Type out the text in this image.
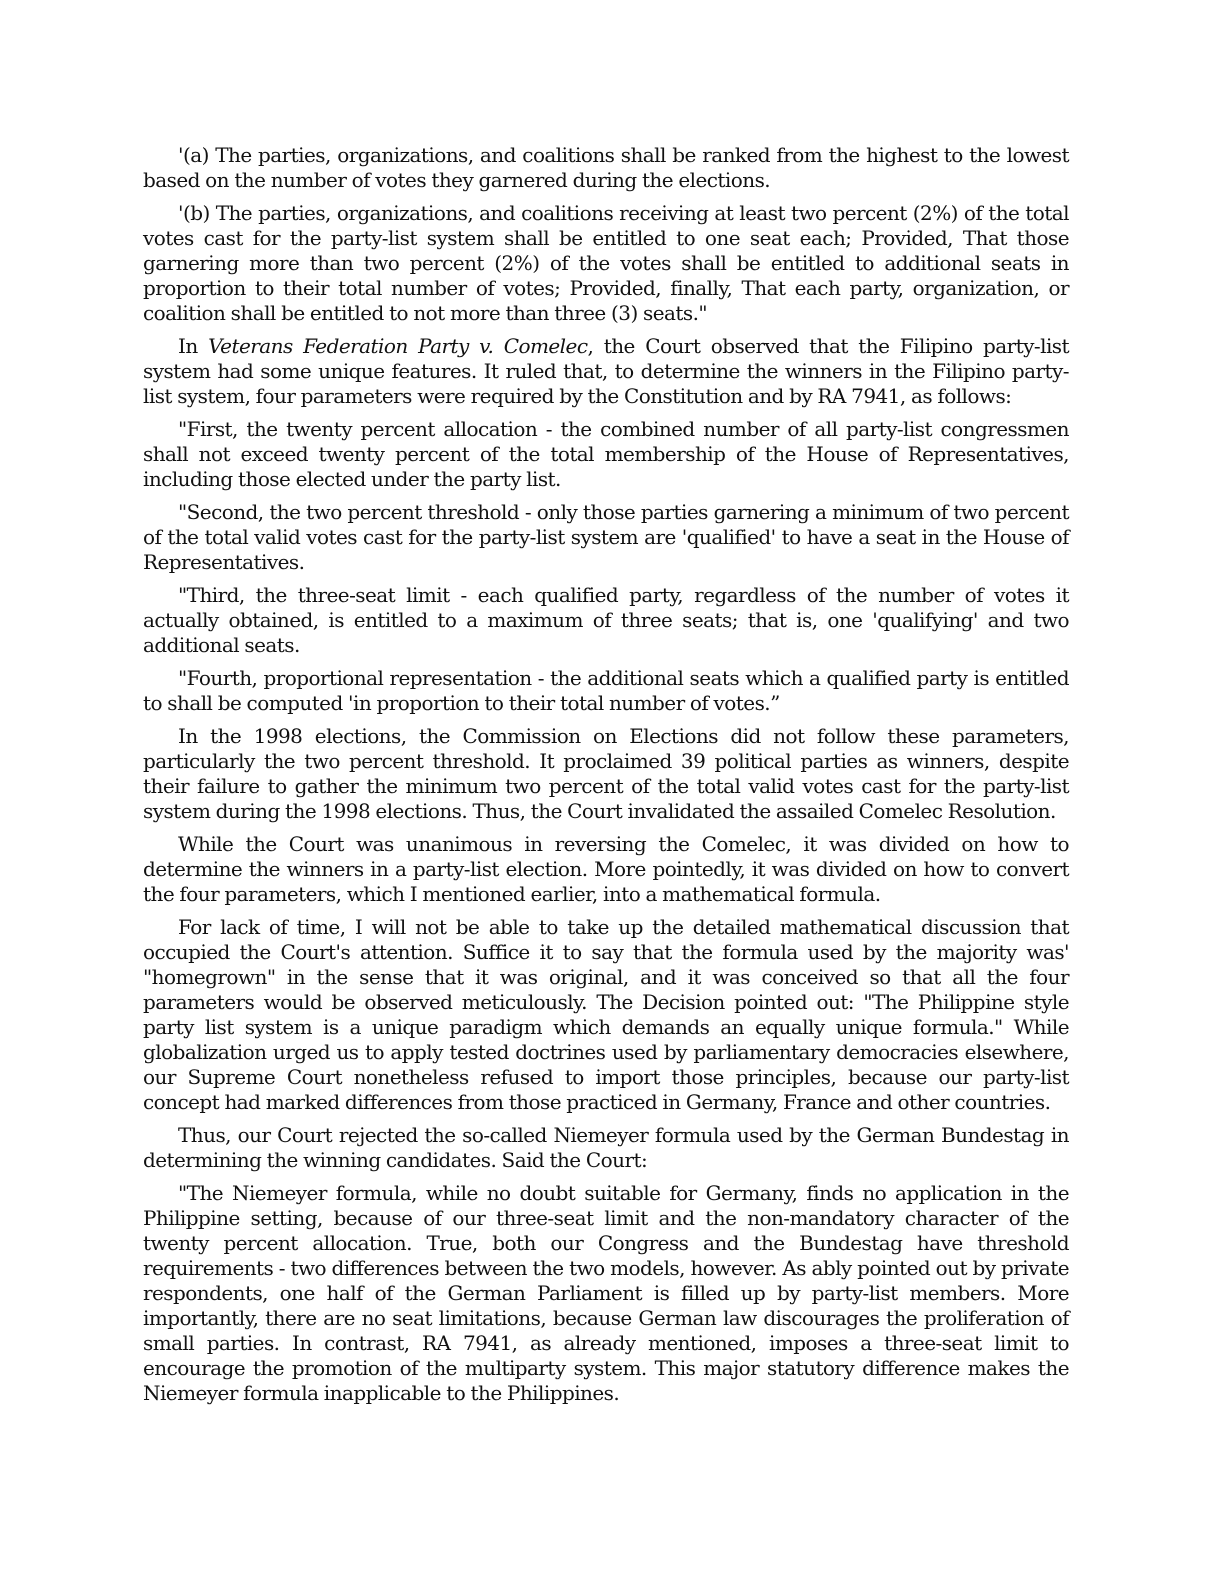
'(a) The parties, organizations, and coalitions shall be ranked from the highest to the lowest based on the number of votes they garnered during the elections.

'(b) The parties, organizations, and coalitions receiving at least two percent (2%) of the total votes cast for the party-list system shall be entitled to one seat each; Provided, That those garnering more than two percent (2%) of the votes shall be entitled to additional seats in proportion to their total number of votes; Provided, finally, That each party, organization, or coalition shall be entitled to not more than three (3) seats."

In Veterans Federation Party v. Comelec, the Court observed that the Filipino party-list system had some unique features. It ruled that, to determine the winners in the Filipino party-list system, four parameters were required by the Constitution and by RA 7941, as follows:

"First, the twenty percent allocation - the combined number of all party-list congressmen shall not exceed twenty percent of the total membership of the House of Representatives, including those elected under the party list.

"Second, the two percent threshold - only those parties garnering a minimum of two percent of the total valid votes cast for the party-list system are 'qualified' to have a seat in the House of Representatives.

"Third, the three-seat limit - each qualified party, regardless of the number of votes it actually obtained, is entitled to a maximum of three seats; that is, one 'qualifying' and two additional seats.

"Fourth, proportional representation - the additional seats which a qualified party is entitled to shall be computed 'in proportion to their total number of votes.”

In the 1998 elections, the Commission on Elections did not follow these parameters, particularly the two percent threshold. It proclaimed 39 political parties as winners, despite their failure to gather the minimum two percent of the total valid votes cast for the party-list system during the 1998 elections. Thus, the Court invalidated the assailed Comelec Resolution.

While the Court was unanimous in reversing the Comelec, it was divided on how to determine the winners in a party-list election. More pointedly, it was divided on how to convert the four parameters, which I mentioned earlier, into a mathematical formula.

For lack of time, I will not be able to take up the detailed mathematical discussion that occupied the Court's attention. Suffice it to say that the formula used by the majority was' "homegrown" in the sense that it was original, and it was conceived so that all the four parameters would be observed meticulously. The Decision pointed out: "The Philippine style party list system is a unique paradigm which demands an equally unique formula." While globalization urged us to apply tested doctrines used by parliamentary democracies elsewhere, our Supreme Court nonetheless refused to import those principles, because our party-list concept had marked differences from those practiced in Germany, France and other countries.

Thus, our Court rejected the so-called Niemeyer formula used by the German Bundestag in determining the winning candidates. Said the Court:

"The Niemeyer formula, while no doubt suitable for Germany, finds no application in the Philippine setting, because of our three-seat limit and the non-mandatory character of the twenty percent allocation. True, both our Congress and the Bundestag have threshold requirements - two differences between the two models, however. As ably pointed out by private respondents, one half of the German Parliament is filled up by party-list members. More importantly, there are no seat limitations, because German law discourages the proliferation of small parties. In contrast, RA 7941, as already mentioned, imposes a three-seat limit to encourage the promotion of the multiparty system. This major statutory difference makes the Niemeyer formula inapplicable to the Philippines.
